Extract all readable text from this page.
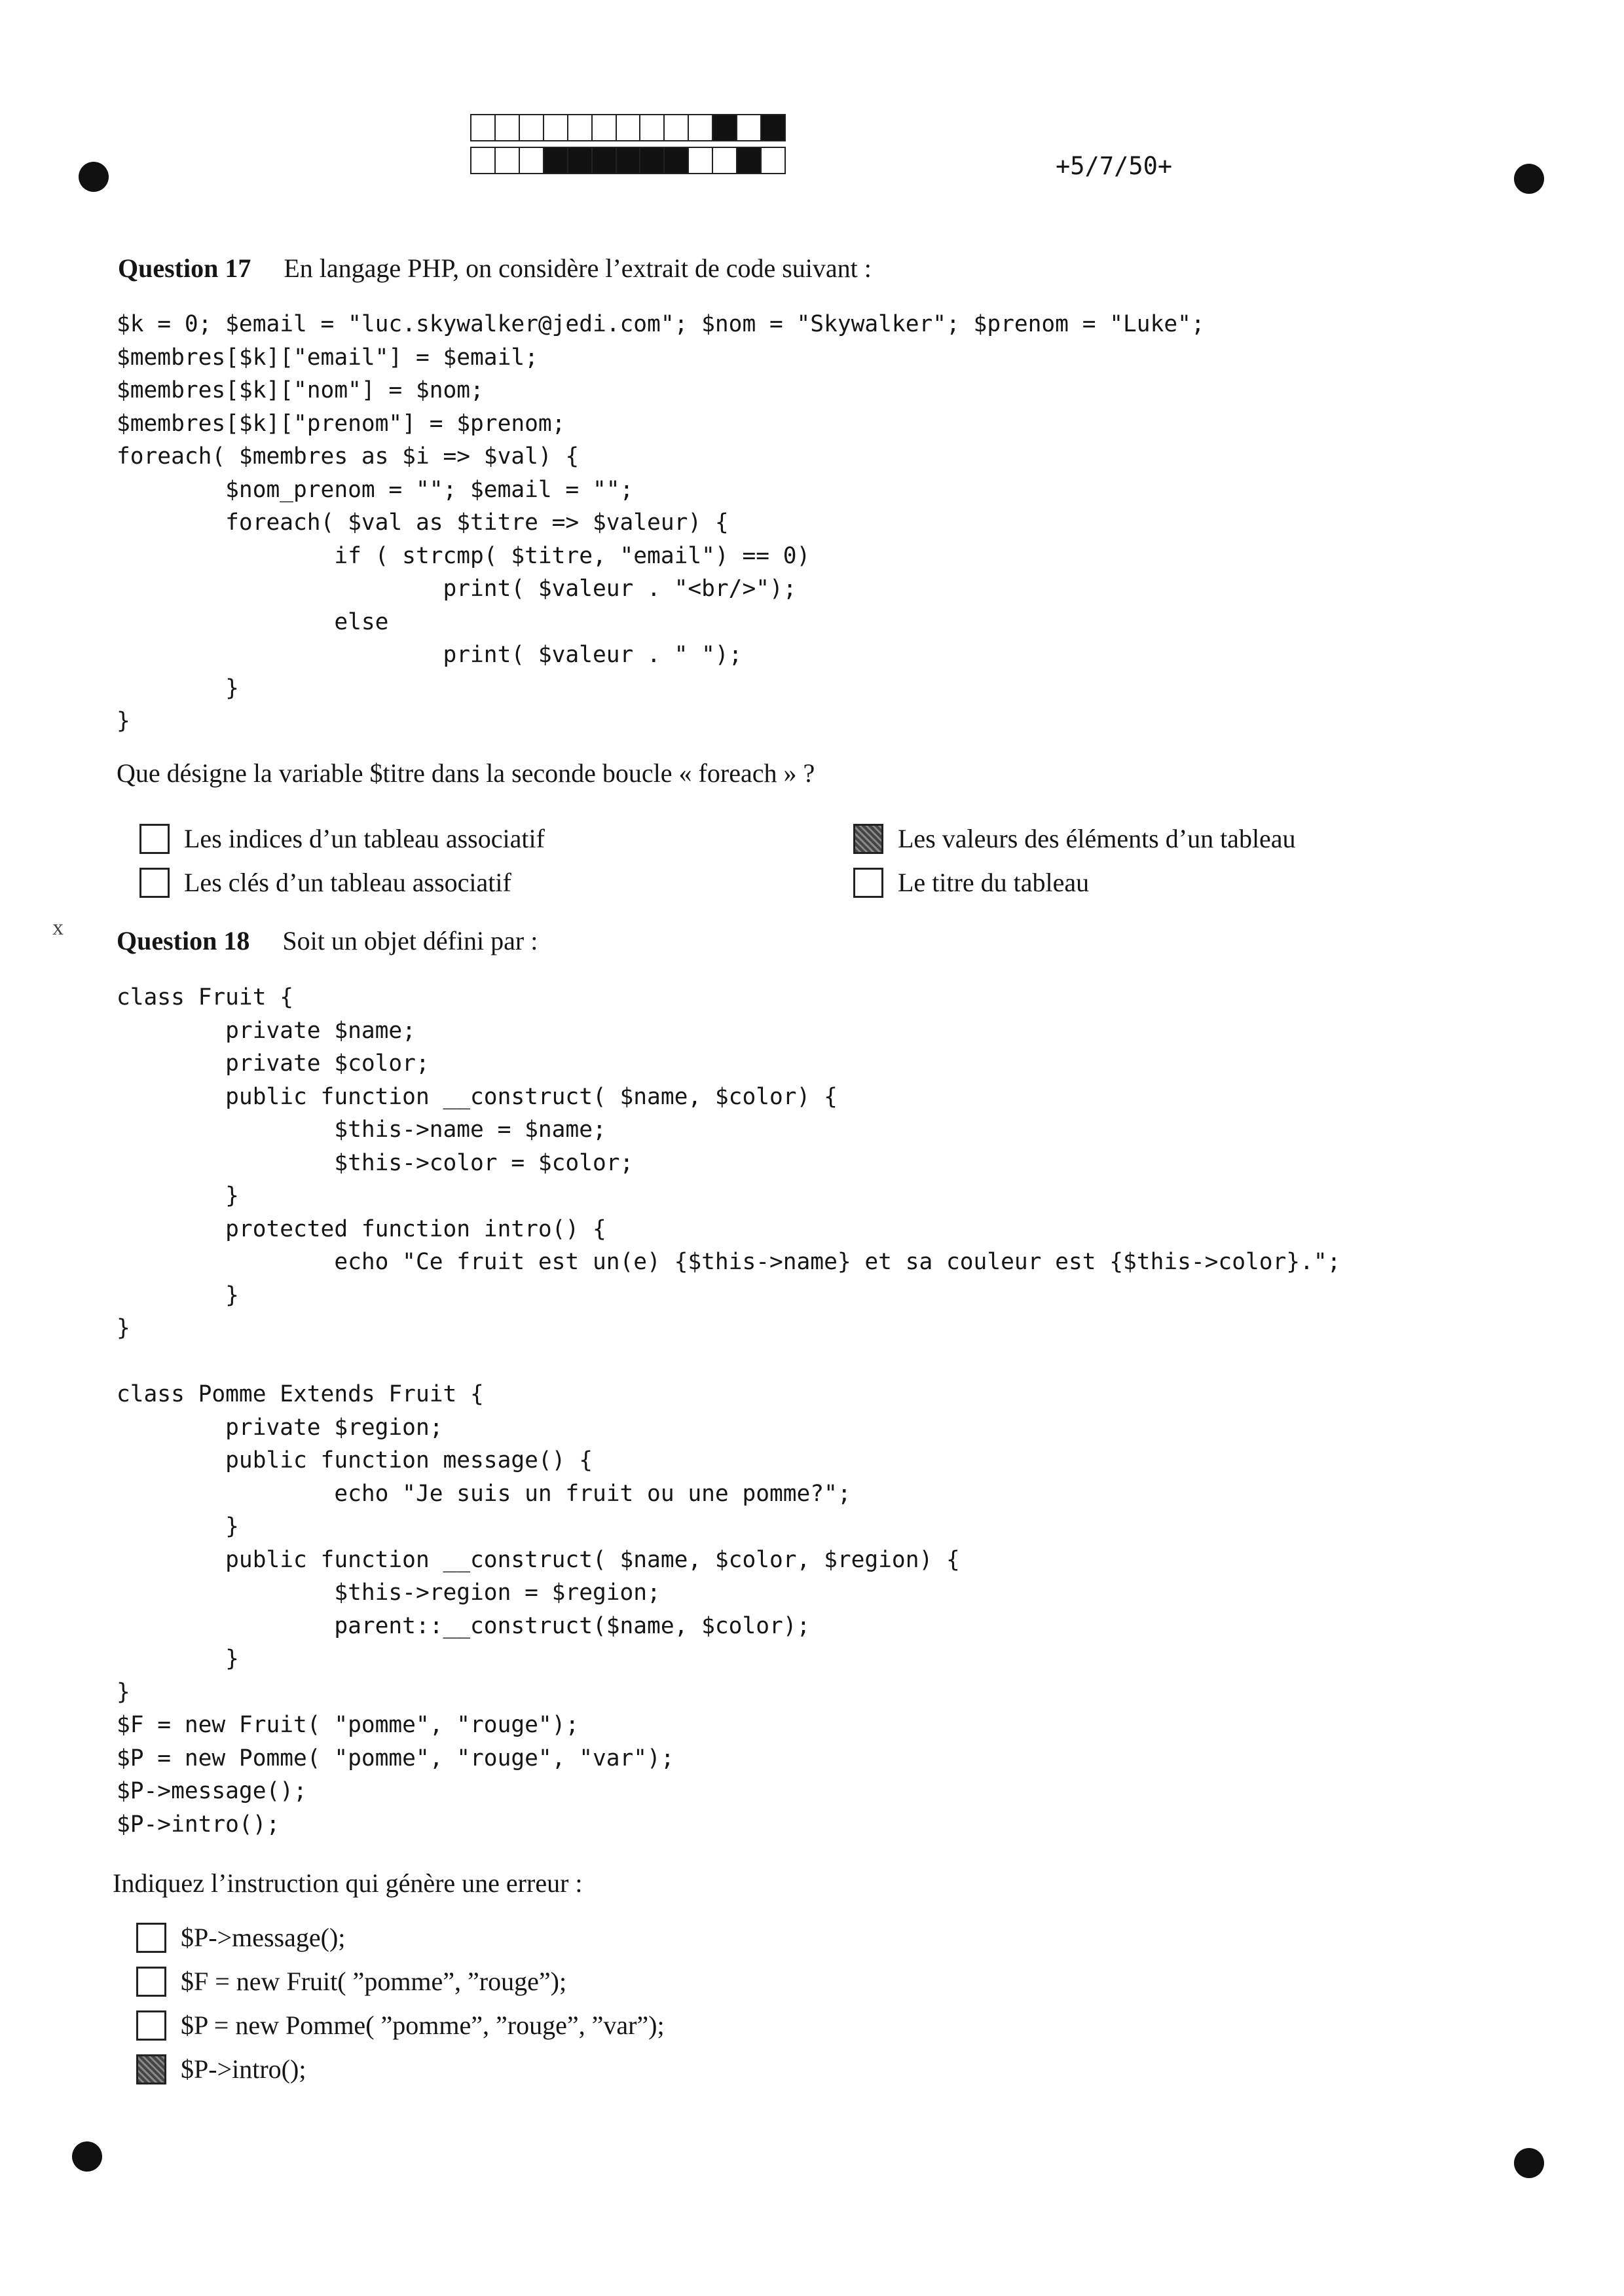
+5/7/50+
Question 17 En langage PHP, on considère l’extrait de code suivant :
$k = 0; $email = "luc.skywalker@jedi.com"; $nom = "Skywalker"; $prenom = "Luke";
$membres[$k]["email"] = $email;
$membres[$k]["nom"] = $nom;
$membres[$k]["prenom"] = $prenom;
foreach( $membres as $i => $val) {
$nom_prenom = ""; $email = "";
foreach( $val as $titre => $valeur) {
if ( strcmp( $titre, "email") == 0)
print( $valeur . "<br/>");
else
print( $valeur . " ");
}
}
Que désigne la variable $titre dans la seconde boucle « foreach » ?
Les indices d’un tableau associatif
Les clés d’un tableau associatif
Les valeurs des éléments d’un tableau
Le titre du tableau
x Question 18 Soit un objet défini par :
class Fruit {
private $name;
private $color;
public function __construct( $name, $color) {
$this->name = $name;
$this->color = $color;
}
protected function intro() {
echo "Ce fruit est un(e) {$this->name} et sa couleur est {$this->color}.";
}
}

class Pomme Extends Fruit {
private $region;
public function message() {
echo "Je suis un fruit ou une pomme?";
}
public function __construct( $name, $color, $region) {
$this->region = $region;
parent::__construct($name, $color);
}
}
$F = new Fruit( "pomme", "rouge");
$P = new Pomme( "pomme", "rouge", "var");
$P->message();
$P->intro();
Indiquez l’instruction qui génère une erreur :
$P->message();
$F = new Fruit( ”pomme”, ”rouge”);
$P = new Pomme( ”pomme”, ”rouge”, ”var”);
$P->intro();
